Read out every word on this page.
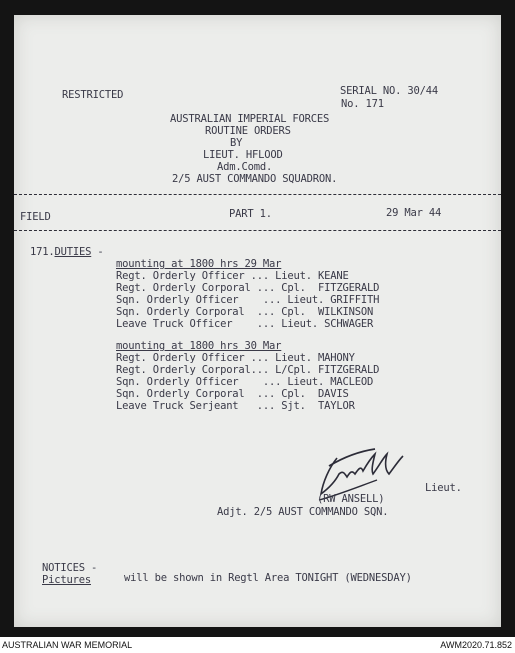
RESTRICTED	SERIAL NO. 30/44
No. 171
AUSTRALIAN IMPERIAL FORCES
ROUTINE ORDERS
BY
LIEUT. HFLOOD
Adm.Comd.
2/5 AUST COMMANDO SQUADRON.
FIELD	PART 1.	29 Mar 44
171.DUTIES -
mounting at 1800 hrs 29 Mar
Regt. Orderly Officer ... Lieut. KEANE
Regt. Orderly Corporal ... Cpl.  FITZGERALD
Sqn. Orderly Officer    ... Lieut. GRIFFITH
Sqn. Orderly Corporal  ... Cpl.  WILKINSON
Leave Truck Officer    ... Lieut. SCHWAGER
mounting at 1800 hrs 30 Mar
Regt. Orderly Officer ... Lieut. MAHONY
Regt. Orderly Corporal... L/Cpl. FITZGERALD
Sqn. Orderly Officer    ... Lieut. MACLEOD
Sqn. Orderly Corporal  ... Cpl.  DAVIS
Leave Truck Serjeant   ... Sjt.  TAYLOR
Lieut.
(RW ANSELL)
Adjt. 2/5 AUST COMMANDO SQN.
NOTICES -
Pictures	will be shown in Regtl Area TONIGHT (WEDNESDAY)
AUSTRALIAN WAR MEMORIAL	AWM2020.71.852
